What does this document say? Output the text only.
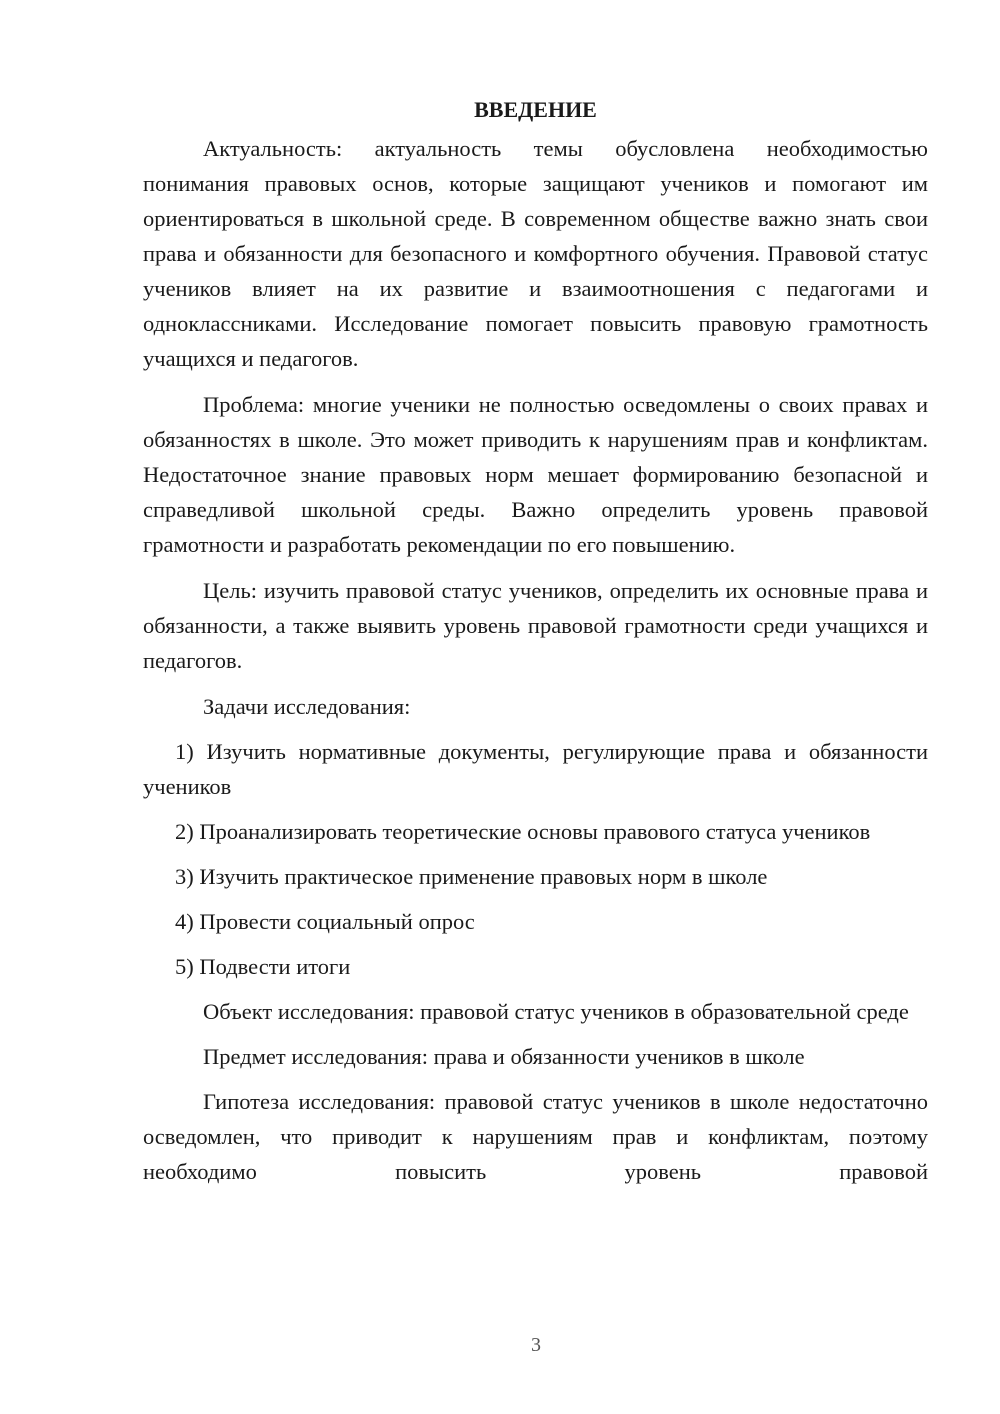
ВВЕДЕНИЕ

Актуальность: актуальность темы обусловлена необходимостью понимания правовых основ, которые защищают учеников и помогают им ориентироваться в школьной среде. В современном обществе важно знать свои права и обязанности для безопасного и комфортного обучения. Правовой статус учеников влияет на их развитие и взаимоотношения с педагогами и одноклассниками. Исследование помогает повысить правовую грамотность учащихся и педагогов.

Проблема: многие ученики не полностью осведомлены о своих правах и обязанностях в школе. Это может приводить к нарушениям прав и конфликтам. Недостаточное знание правовых норм мешает формированию безопасной и справедливой школьной среды. Важно определить уровень правовой грамотности и разработать рекомендации по его повышению.

Цель: изучить правовой статус учеников, определить их основные права и обязанности, а также выявить уровень правовой грамотности среди учащихся и педагогов.

Задачи исследования:

1) Изучить нормативные документы, регулирующие права и обязанности учеников

2) Проанализировать теоретические основы правового статуса учеников

3) Изучить практическое применение правовых норм в школе

4) Провести социальный опрос

5) Подвести итоги

Объект исследования: правовой статус учеников в образовательной среде

Предмет исследования: права и обязанности учеников в школе

Гипотеза исследования: правовой статус учеников в школе недостаточно осведомлен, что приводит к нарушениям прав и конфликтам, поэтому необходимо повысить уровень правовой

3
